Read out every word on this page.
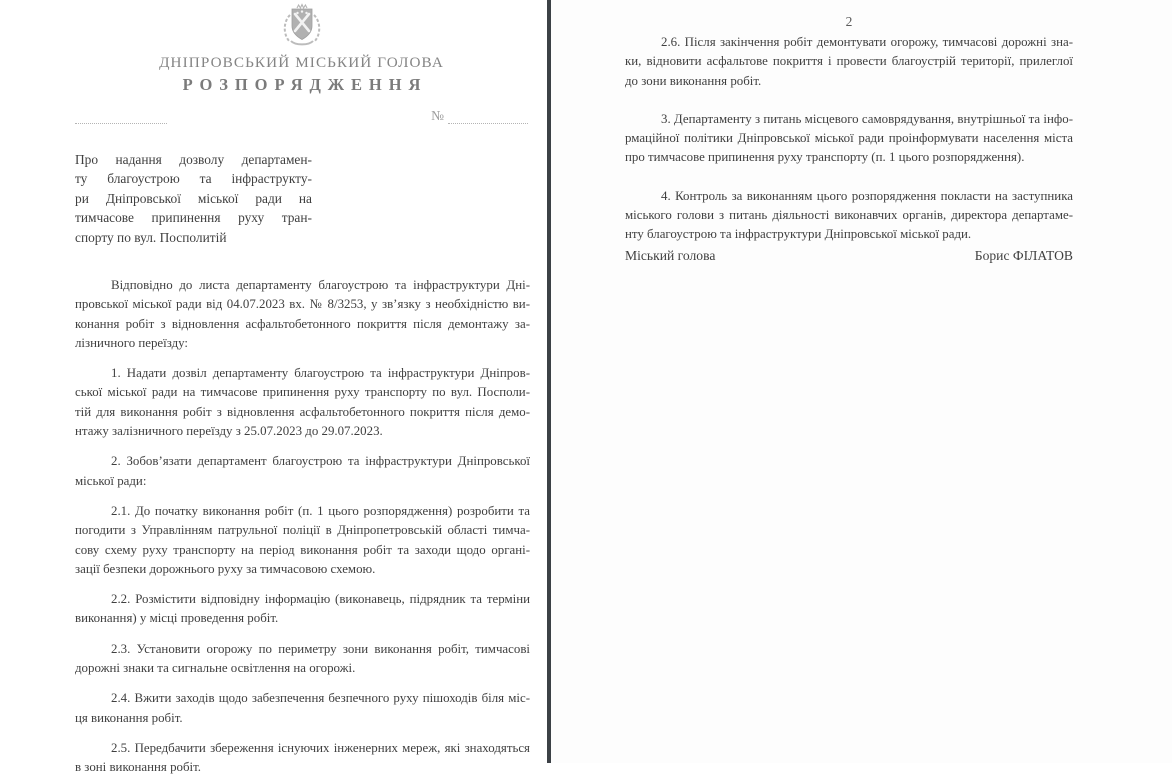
ДНІПРОВСЬКИЙ МІСЬКИЙ ГОЛОВА
РОЗПОРЯДЖЕННЯ
№
Про надання дозволу департамен-
ту благоустрою та інфраструкту-
ри Дніпровської міської ради на
тимчасове припинення руху тран-
спорту по вул. Посполитій
Відповідно до листа департаменту благоустрою та інфраструктури Дні-
провської міської ради від 04.07.2023 вх. № 8/3253, у зв’язку з необхідністю ви-
конання робіт з відновлення асфальтобетонного покриття після демонтажу за-
лізничного переїзду:
1. Надати дозвіл департаменту благоустрою та інфраструктури Дніпров-
ської міської ради на тимчасове припинення руху транспорту по вул. Посполи-
тій для виконання робіт з відновлення асфальтобетонного покриття після демо-
нтажу залізничного переїзду з 25.07.2023 до 29.07.2023.
2. Зобов’язати департамент благоустрою та інфраструктури Дніпровської
міської ради:
2.1. До початку виконання робіт (п. 1 цього розпорядження) розробити та
погодити з Управлінням патрульної поліції в Дніпропетровській області тимча-
сову схему руху транспорту на період виконання робіт та заходи щодо органі-
зації безпеки дорожнього руху за тимчасовою схемою.
2.2. Розмістити відповідну інформацію (виконавець, підрядник та терміни
виконання) у місці проведення робіт.
2.3. Установити огорожу по периметру зони виконання робіт, тимчасові
дорожні знаки та сигнальне освітлення на огорожі.
2.4. Вжити заходів щодо забезпечення безпечного руху пішоходів біля міс-
ця виконання робіт.
2.5. Передбачити збереження існуючих інженерних мереж, які знаходяться
в зоні виконання робіт.
2
2.6. Після закінчення робіт демонтувати огорожу, тимчасові дорожні зна-
ки, відновити асфальтове покриття і провести благоустрій території, прилеглої
до зони виконання робіт.
3. Департаменту з питань місцевого самоврядування, внутрішньої та інфо-
рмаційної політики Дніпровської міської ради проінформувати населення міста
про тимчасове припинення руху транспорту (п. 1 цього розпорядження).
4. Контроль за виконанням цього розпорядження покласти на заступника
міського голови з питань діяльності виконавчих органів, директора департаме-
нту благоустрою та інфраструктури Дніпровської міської ради.
Міський голова	Борис ФІЛАТОВ
